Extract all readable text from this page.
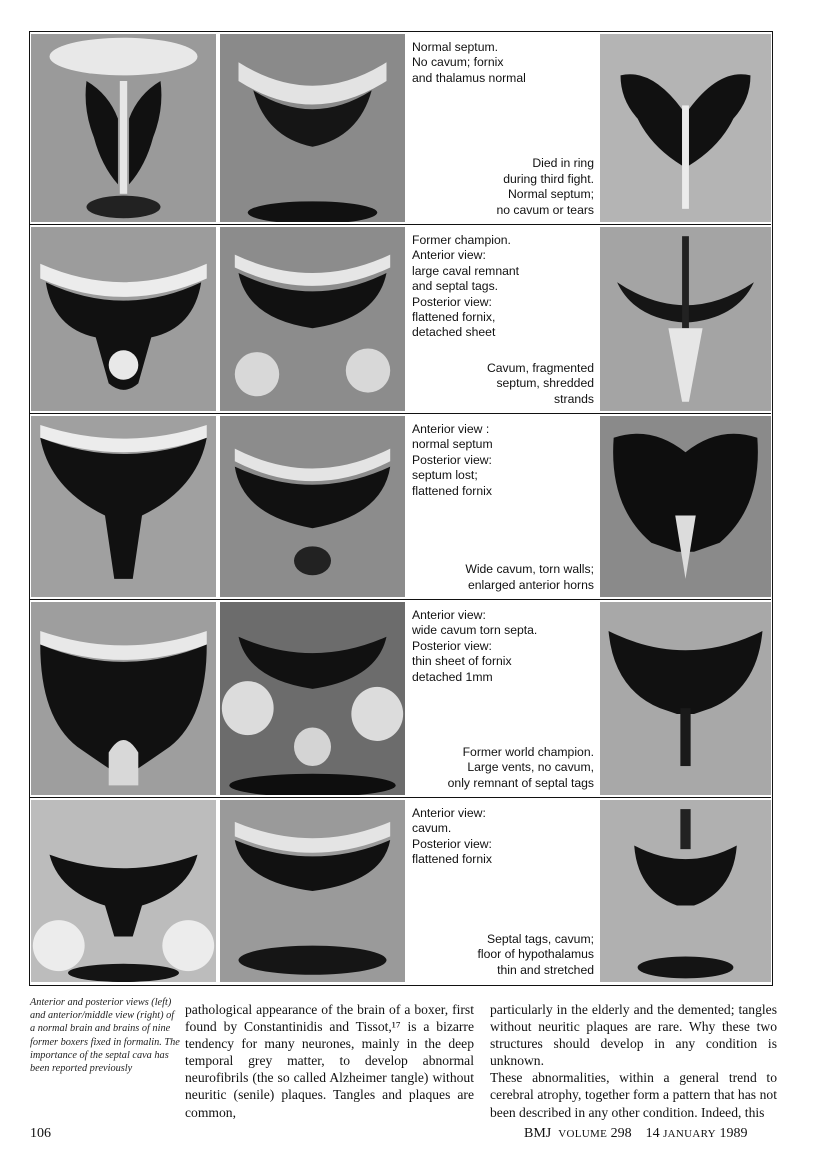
Normal septum.
No cavum; fornix
and thalamus normal
Died in ring
during third fight.
Normal septum;
no cavum or tears
Former champion.
Anterior view:
large caval remnant
and septal tags.
Posterior view:
flattened fornix,
detached sheet
Cavum, fragmented
septum, shredded
strands
Anterior view :
normal septum
Posterior view:
septum lost;
flattened fornix
Wide cavum, torn walls;
enlarged anterior horns
Anterior view:
wide cavum torn septa.
Posterior view:
thin sheet of fornix
detached 1mm
Former world champion.
Large vents, no cavum,
only remnant of septal tags
Anterior view:
cavum.
Posterior view:
flattened fornix
Septal tags, cavum;
floor of hypothalamus
thin and stretched
Anterior and posterior views (left) and anterior/middle view (right) of a normal brain and brains of nine former boxers fixed in formalin. The importance of the septal cava has been reported previously
pathological appearance of the brain of a boxer, first found by Constantinidis and Tissot,¹⁷ is a bizarre tendency for many neurones, mainly in the deep temporal grey matter, to develop abnormal neurofibrils (the so called Alzheimer tangle) without neuritic (senile) plaques. Tangles and plaques are common,
particularly in the elderly and the demented; tangles without neuritic plaques are rare. Why these two structures should develop in any condition is unknown.
These abnormalities, within a general trend to cerebral atrophy, together form a pattern that has not been described in any other condition. Indeed, this
106	BMJ VOLUME 298 14 JANUARY 1989
